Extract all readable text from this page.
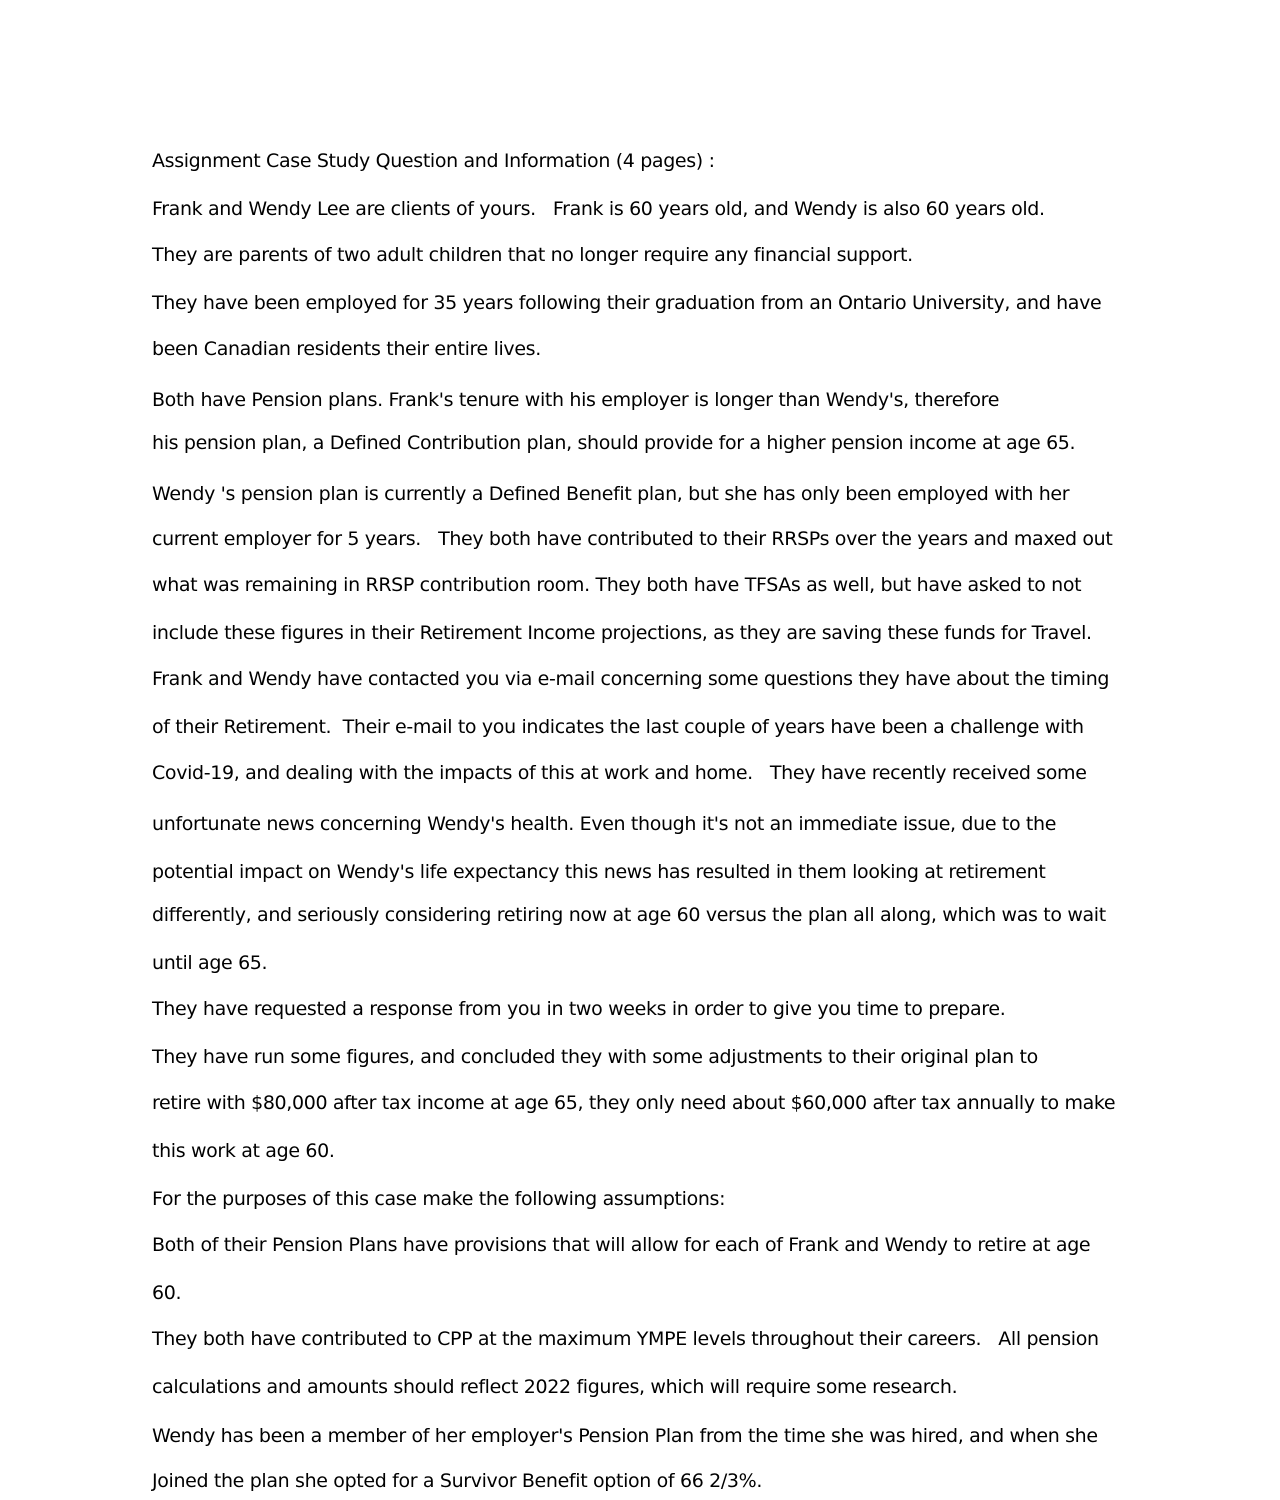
Assignment Case Study Question and Information (4 pages) :
Frank and Wendy Lee are clients of yours.   Frank is 60 years old, and Wendy is also 60 years old.
They are parents of two adult children that no longer require any financial support.
They have been employed for 35 years following their graduation from an Ontario University, and have
been Canadian residents their entire lives.
Both have Pension plans. Frank's tenure with his employer is longer than Wendy's, therefore
his pension plan, a Defined Contribution plan, should provide for a higher pension income at age 65.
Wendy 's pension plan is currently a Defined Benefit plan, but she has only been employed with her
current employer for 5 years.   They both have contributed to their RRSPs over the years and maxed out
what was remaining in RRSP contribution room. They both have TFSAs as well, but have asked to not
include these figures in their Retirement Income projections, as they are saving these funds for Travel.
Frank and Wendy have contacted you via e-mail concerning some questions they have about the timing
of their Retirement.  Their e-mail to you indicates the last couple of years have been a challenge with
Covid-19, and dealing with the impacts of this at work and home.   They have recently received some
unfortunate news concerning Wendy's health. Even though it's not an immediate issue, due to the
potential impact on Wendy's life expectancy this news has resulted in them looking at retirement
differently, and seriously considering retiring now at age 60 versus the plan all along, which was to wait
until age 65.
They have requested a response from you in two weeks in order to give you time to prepare.
They have run some figures, and concluded they with some adjustments to their original plan to
retire with $80,000 after tax income at age 65, they only need about $60,000 after tax annually to make
this work at age 60.
For the purposes of this case make the following assumptions:
Both of their Pension Plans have provisions that will allow for each of Frank and Wendy to retire at age
60.
They both have contributed to CPP at the maximum YMPE levels throughout their careers.   All pension
calculations and amounts should reflect 2022 figures, which will require some research.
Wendy has been a member of her employer's Pension Plan from the time she was hired, and when she
Joined the plan she opted for a Survivor Benefit option of 66 2/3%.
